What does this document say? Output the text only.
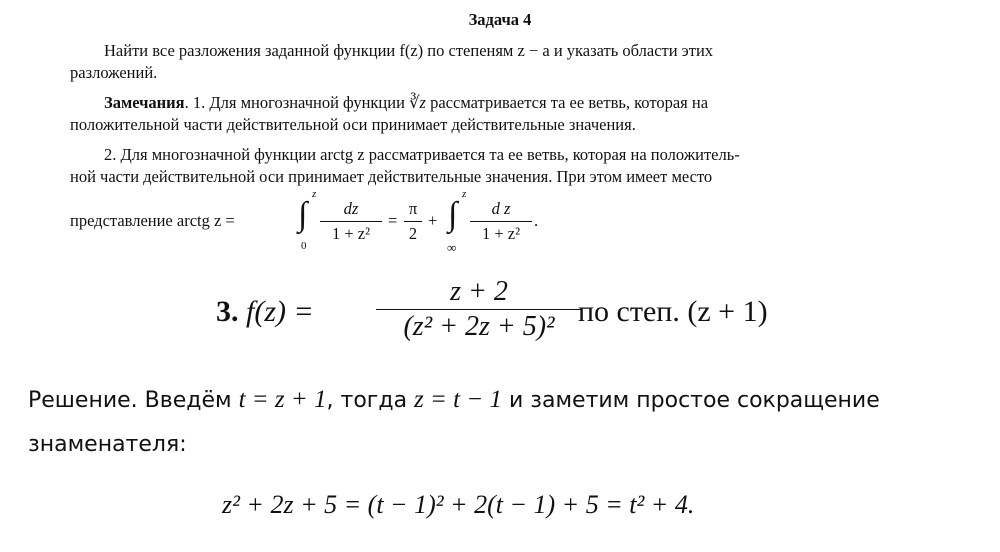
Задача 4
Найти все разложения заданной функции f(z) по степеням z − a и указать области этих
разложений.
Замечания. 1. Для многозначной функции ∛z рассматривается та ее ветвь, которая на
положительной части действительной оси принимает действительные значения.
2. Для многозначной функции arctg z рассматривается та ее ветвь, которая на положитель-
ной части действительной оси принимает действительные значения. При этом имеет место
представление arctg z =
z
∫
0
dz
1 + z²
=
π
2
+
z
∫
∞
d z
1 + z²
.
3. f(z) =
z + 2
(z² + 2z + 5)² по степ. (z + 1)
Решение. Введём t = z + 1, тогда z = t − 1 и заметим простое сокращение
знаменателя:
z² + 2z + 5 = (t − 1)² + 2(t − 1) + 5 = t² + 4.
